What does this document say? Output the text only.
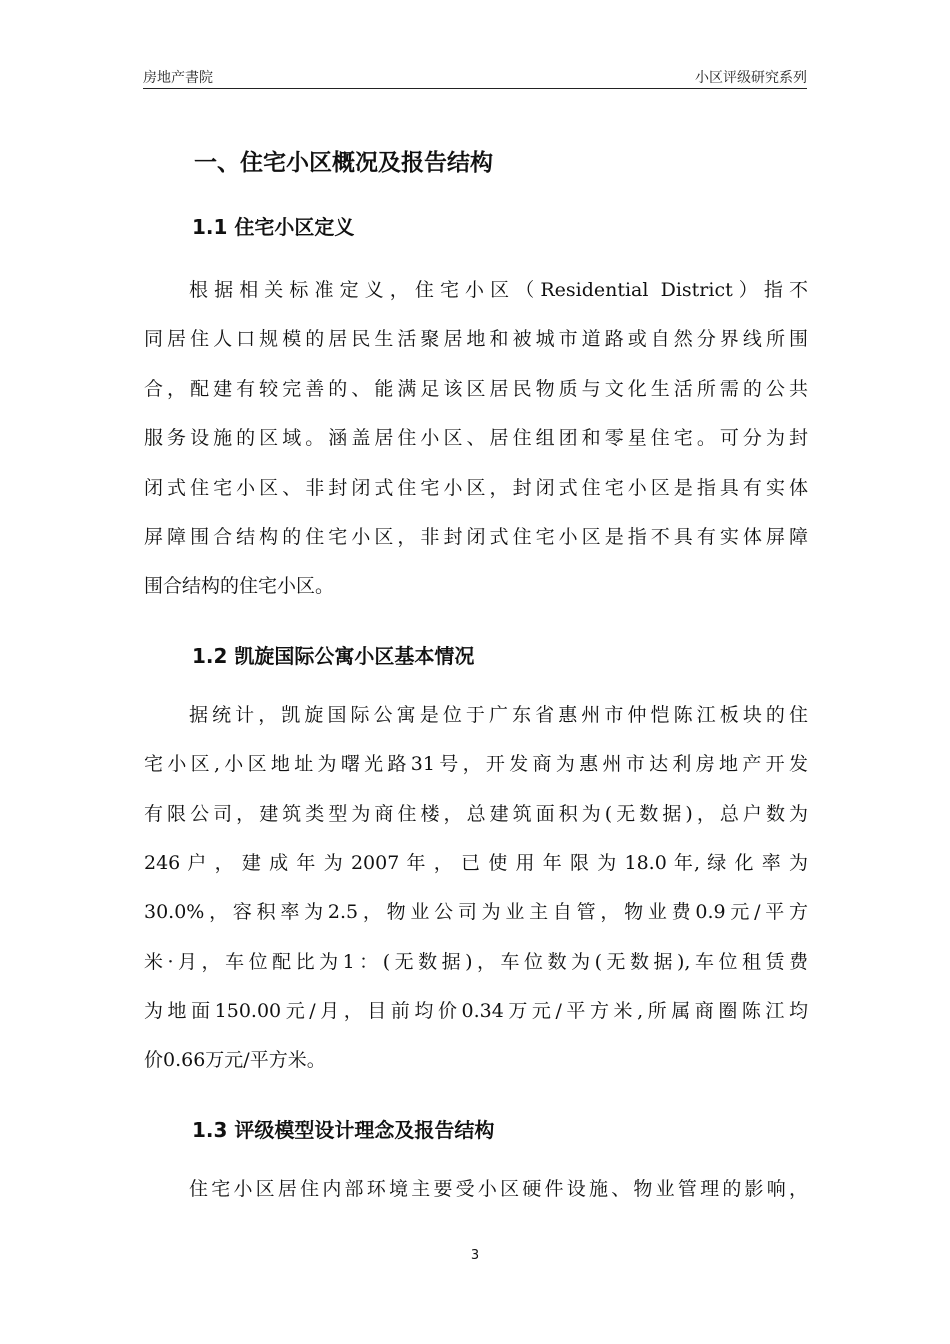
房地产書院	小区评级研究系列
一、住宅小区概况及报告结构
1.1 住宅小区定义
根据相关标准定义，住宅小区（Residential District）指不
同居住人口规模的居民生活聚居地和被城市道路或自然分界线所围
合，配建有较完善的、能满足该区居民物质与文化生活所需的公共
服务设施的区域。涵盖居住小区、居住组团和零星住宅。可分为封
闭式住宅小区、非封闭式住宅小区，封闭式住宅小区是指具有实体
屏障围合结构的住宅小区，非封闭式住宅小区是指不具有实体屏障
围合结构的住宅小区。
1.2 凯旋国际公寓小区基本情况
据统计，凯旋国际公寓是位于广东省惠州市仲恺陈江板块的住
宅小区,小区地址为曙光路31号，开发商为惠州市达利房地产开发
有限公司，建筑类型为商住楼，总建筑面积为(无数据)，总户数为
246 户 ， 建 成 年 为 2007 年 ， 已 使 用 年 限 为 18.0 年, 绿 化 率 为
30.0%，容积率为2.5，物业公司为业主自管，物业费0.9元/平方
米·月，车位配比为1：(无数据)，车位数为(无数据),车位租赁费
为地面150.00元/月，目前均价0.34万元/平方米,所属商圈陈江均
价0.66万元/平方米。
1.3 评级模型设计理念及报告结构
住宅小区居住内部环境主要受小区硬件设施、物业管理的影响，
3
